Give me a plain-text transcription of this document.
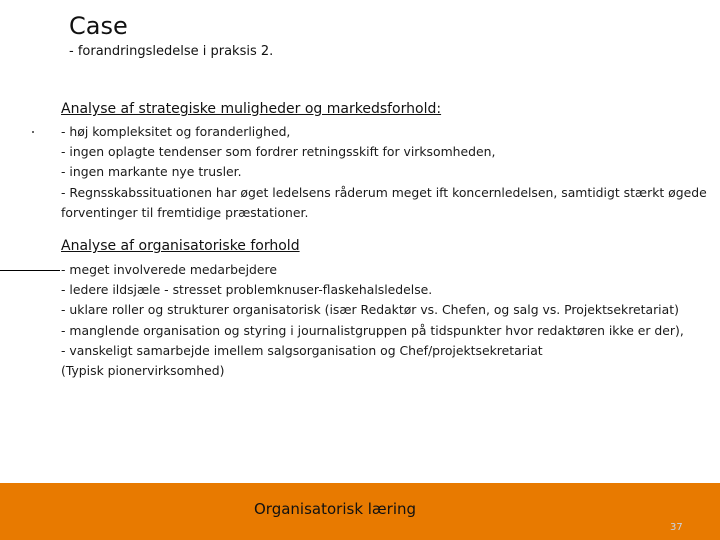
Case
- forandringsledelse i praksis 2.
Analyse af strategiske muligheder og markedsforhold:
- høj kompleksitet og foranderlighed,
- ingen oplagte tendenser som fordrer retningsskift for virksomheden,
- ingen markante nye trusler.
- Regnsskabssituationen har øget ledelsens råderum meget ift koncernledelsen, samtidigt stærkt øgede forventinger til fremtidige præstationer.
Analyse af organisatoriske forhold
- meget involverede medarbejdere
- ledere ildsjæle - stresset problemknuser-flaskehalsledelse.
- uklare roller og strukturer organisatorisk (især Redaktør vs. Chefen, og salg vs. Projektsekretariat)
- manglende organisation og styring i journalistgruppen på tidspunkter hvor redaktøren ikke er der),
- vanskeligt samarbejde imellem salgsorganisation og Chef/projektsekretariat
(Typisk pionervirksomhed)
Organisatorisk læring
37
